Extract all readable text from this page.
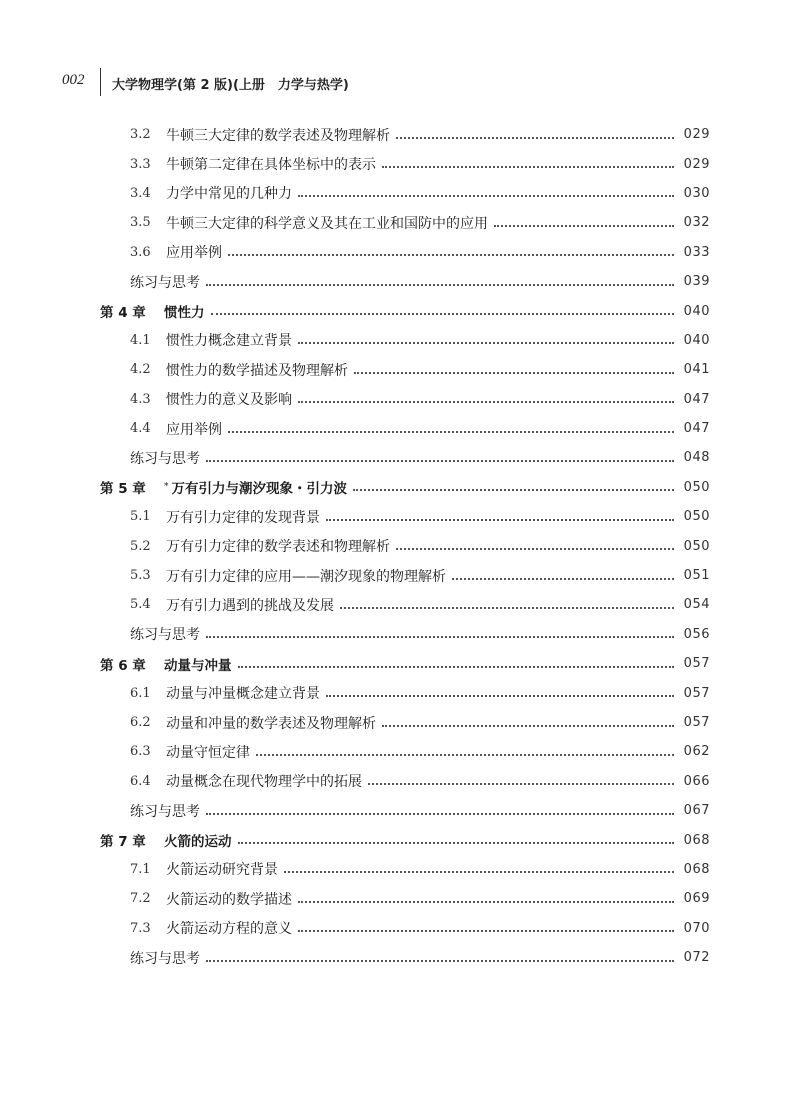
002 大学物理学(第 2 版)(上册　力学与热学)
3.2	牛顿三大定律的数学表述及物理解析	029
3.3	牛顿第二定律在具体坐标中的表示	029
3.4	力学中常见的几种力	030
3.5	牛顿三大定律的科学意义及其在工业和国防中的应用	032
3.6	应用举例	033
练习与思考	039
第 4 章	惯性力	040
4.1	惯性力概念建立背景	040
4.2	惯性力的数学描述及物理解析	041
4.3	惯性力的意义及影响	047
4.4	应用举例	047
练习与思考	048
第 5 章	* 万有引力与潮汐现象・引力波	050
5.1	万有引力定律的发现背景	050
5.2	万有引力定律的数学表述和物理解析	050
5.3	万有引力定律的应用——潮汐现象的物理解析	051
5.4	万有引力遇到的挑战及发展	054
练习与思考	056
第 6 章	动量与冲量	057
6.1	动量与冲量概念建立背景	057
6.2	动量和冲量的数学表述及物理解析	057
6.3	动量守恒定律	062
6.4	动量概念在现代物理学中的拓展	066
练习与思考	067
第 7 章	火箭的运动	068
7.1	火箭运动研究背景	068
7.2	火箭运动的数学描述	069
7.3	火箭运动方程的意义	070
练习与思考	072
